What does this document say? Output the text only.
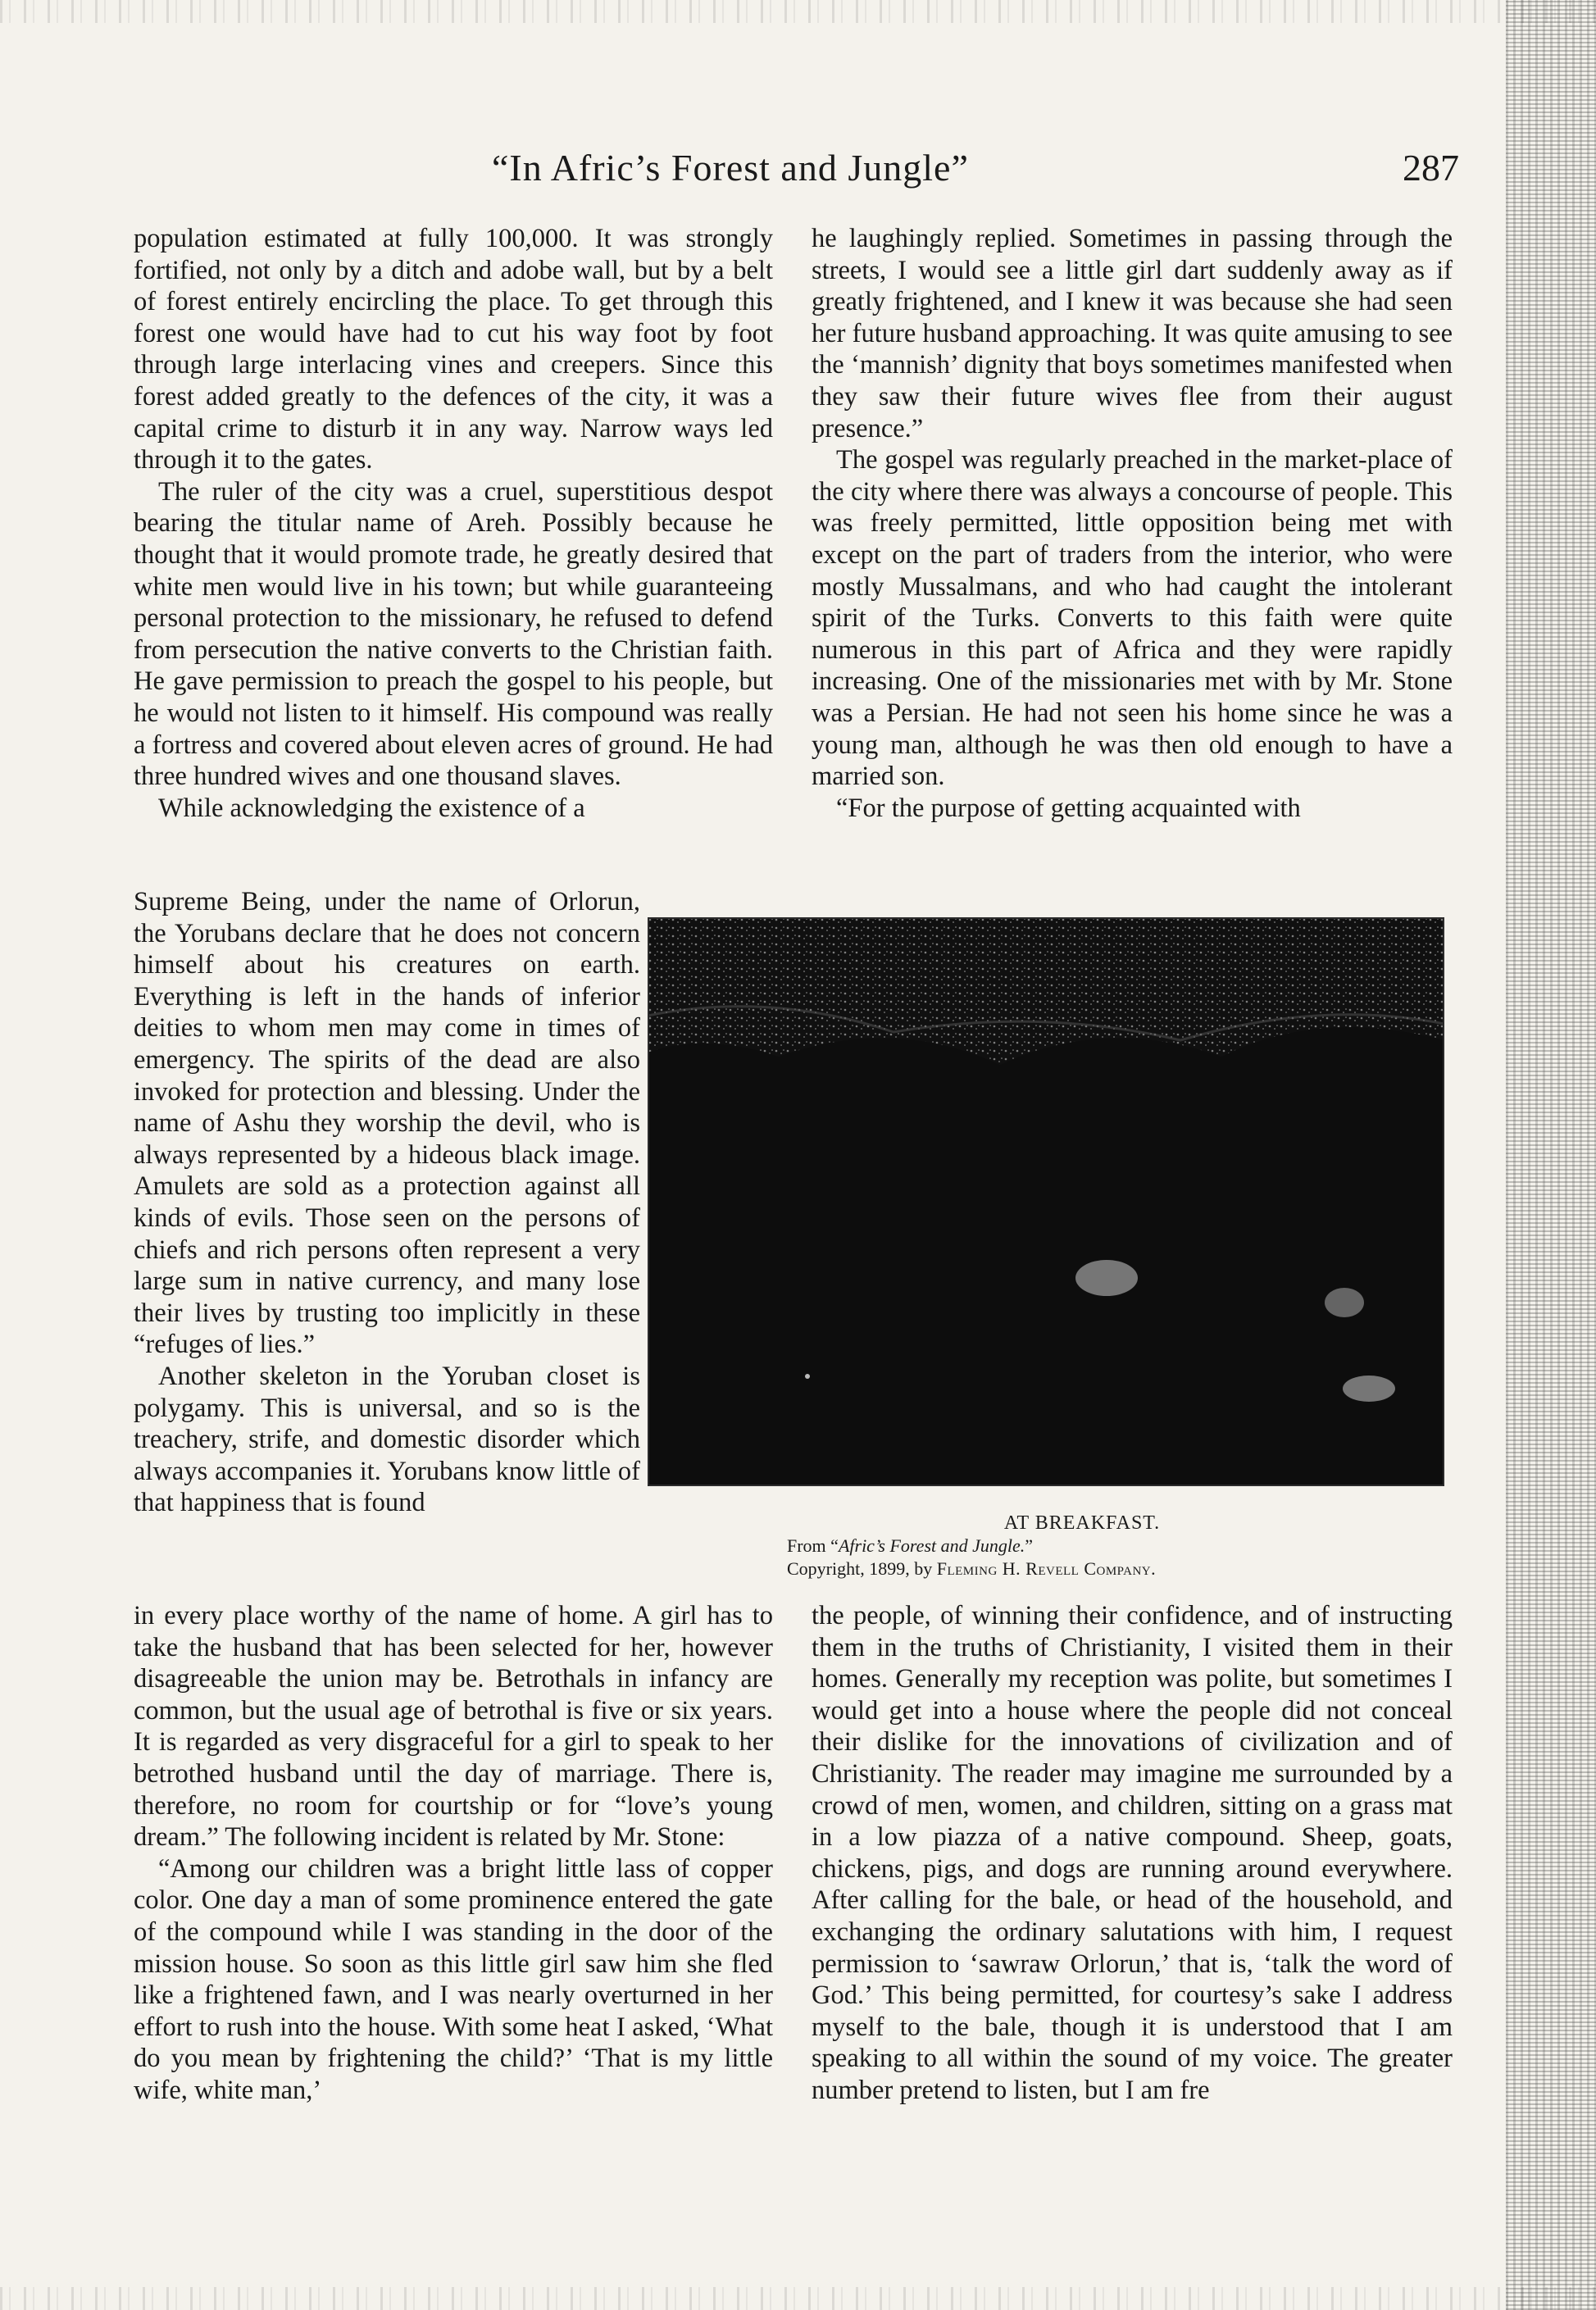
“In Afric’s Forest and Jungle”	287

population estimated at fully 100,000. It was strongly fortified, not only by a ditch and adobe wall, but by a belt of forest entirely encircling the place. To get through this forest one would have had to cut his way foot by foot through large interlacing vines and creepers. Since this forest added greatly to the defences of the city, it was a capital crime to disturb it in any way. Narrow ways led through it to the gates.

The ruler of the city was a cruel, superstitious despot bearing the titular name of Areh. Possibly because he thought that it would promote trade, he greatly desired that white men would live in his town; but while guaranteeing personal protection to the missionary, he refused to defend from persecution the native converts to the Christian faith. He gave permission to preach the gospel to his people, but he would not listen to it himself. His compound was really a fortress and covered about eleven acres of ground. He had three hundred wives and one thousand slaves.

While acknowledging the existence of a

Supreme Being, under the name of Orlorun, the Yorubans declare that he does not concern himself about his creatures on earth. Everything is left in the hands of inferior deities to whom men may come in times of emergency. The spirits of the dead are also invoked for protection and blessing. Under the name of Ashu they worship the devil, who is always represented by a hideous black image. Amulets are sold as a protection against all kinds of evils. Those seen on the persons of chiefs and rich persons often represent a very large sum in native currency, and many lose their lives by trusting too implicitly in these “refuges of lies.”

Another skeleton in the Yoruban closet is polygamy. This is universal, and so is the treachery, strife, and domestic disorder which always accompanies it. Yorubans know little of that happiness that is found

in every place worthy of the name of home. A girl has to take the husband that has been selected for her, however disagreeable the union may be. Betrothals in infancy are common, but the usual age of betrothal is five or six years. It is regarded as very disgraceful for a girl to speak to her betrothed husband until the day of marriage. There is, therefore, no room for courtship or for “love’s young dream.” The following incident is related by Mr. Stone:

“Among our children was a bright little lass of copper color. One day a man of some prominence entered the gate of the compound while I was standing in the door of the mission house. So soon as this little girl saw him she fled like a frightened fawn, and I was nearly overturned in her effort to rush into the house. With some heat I asked, ‘What do you mean by frightening the child?’ ‘That is my little wife, white man,’

he laughingly replied. Sometimes in passing through the streets, I would see a little girl dart suddenly away as if greatly frightened, and I knew it was because she had seen her future husband approaching. It was quite amusing to see the ‘mannish’ dignity that boys sometimes manifested when they saw their future wives flee from their august presence.”

The gospel was regularly preached in the market-place of the city where there was always a concourse of people. This was freely permitted, little opposition being met with except on the part of traders from the interior, who were mostly Mussalmans, and who had caught the intolerant spirit of the Turks. Converts to this faith were quite numerous in this part of Africa and they were rapidly increasing. One of the missionaries met with by Mr. Stone was a Persian. He had not seen his home since he was a young man, although he was then old enough to have a married son.

“For the purpose of getting acquainted with

AT BREAKFAST.
From “Afric’s Forest and Jungle.”
Copyright, 1899, by Fleming H. Revell Company.

the people, of winning their confidence, and of instructing them in the truths of Christianity, I visited them in their homes. Generally my reception was polite, but sometimes I would get into a house where the people did not conceal their dislike for the innovations of civilization and of Christianity. The reader may imagine me surrounded by a crowd of men, women, and children, sitting on a grass mat in a low piazza of a native compound. Sheep, goats, chickens, pigs, and dogs are running around everywhere. After calling for the bale, or head of the household, and exchanging the ordinary salutations with him, I request permission to ‘sawraw Orlorun,’ that is, ‘talk the word of God.’ This being permitted, for courtesy’s sake I address myself to the bale, though it is understood that I am speaking to all within the sound of my voice. The greater number pretend to listen, but I am fre
